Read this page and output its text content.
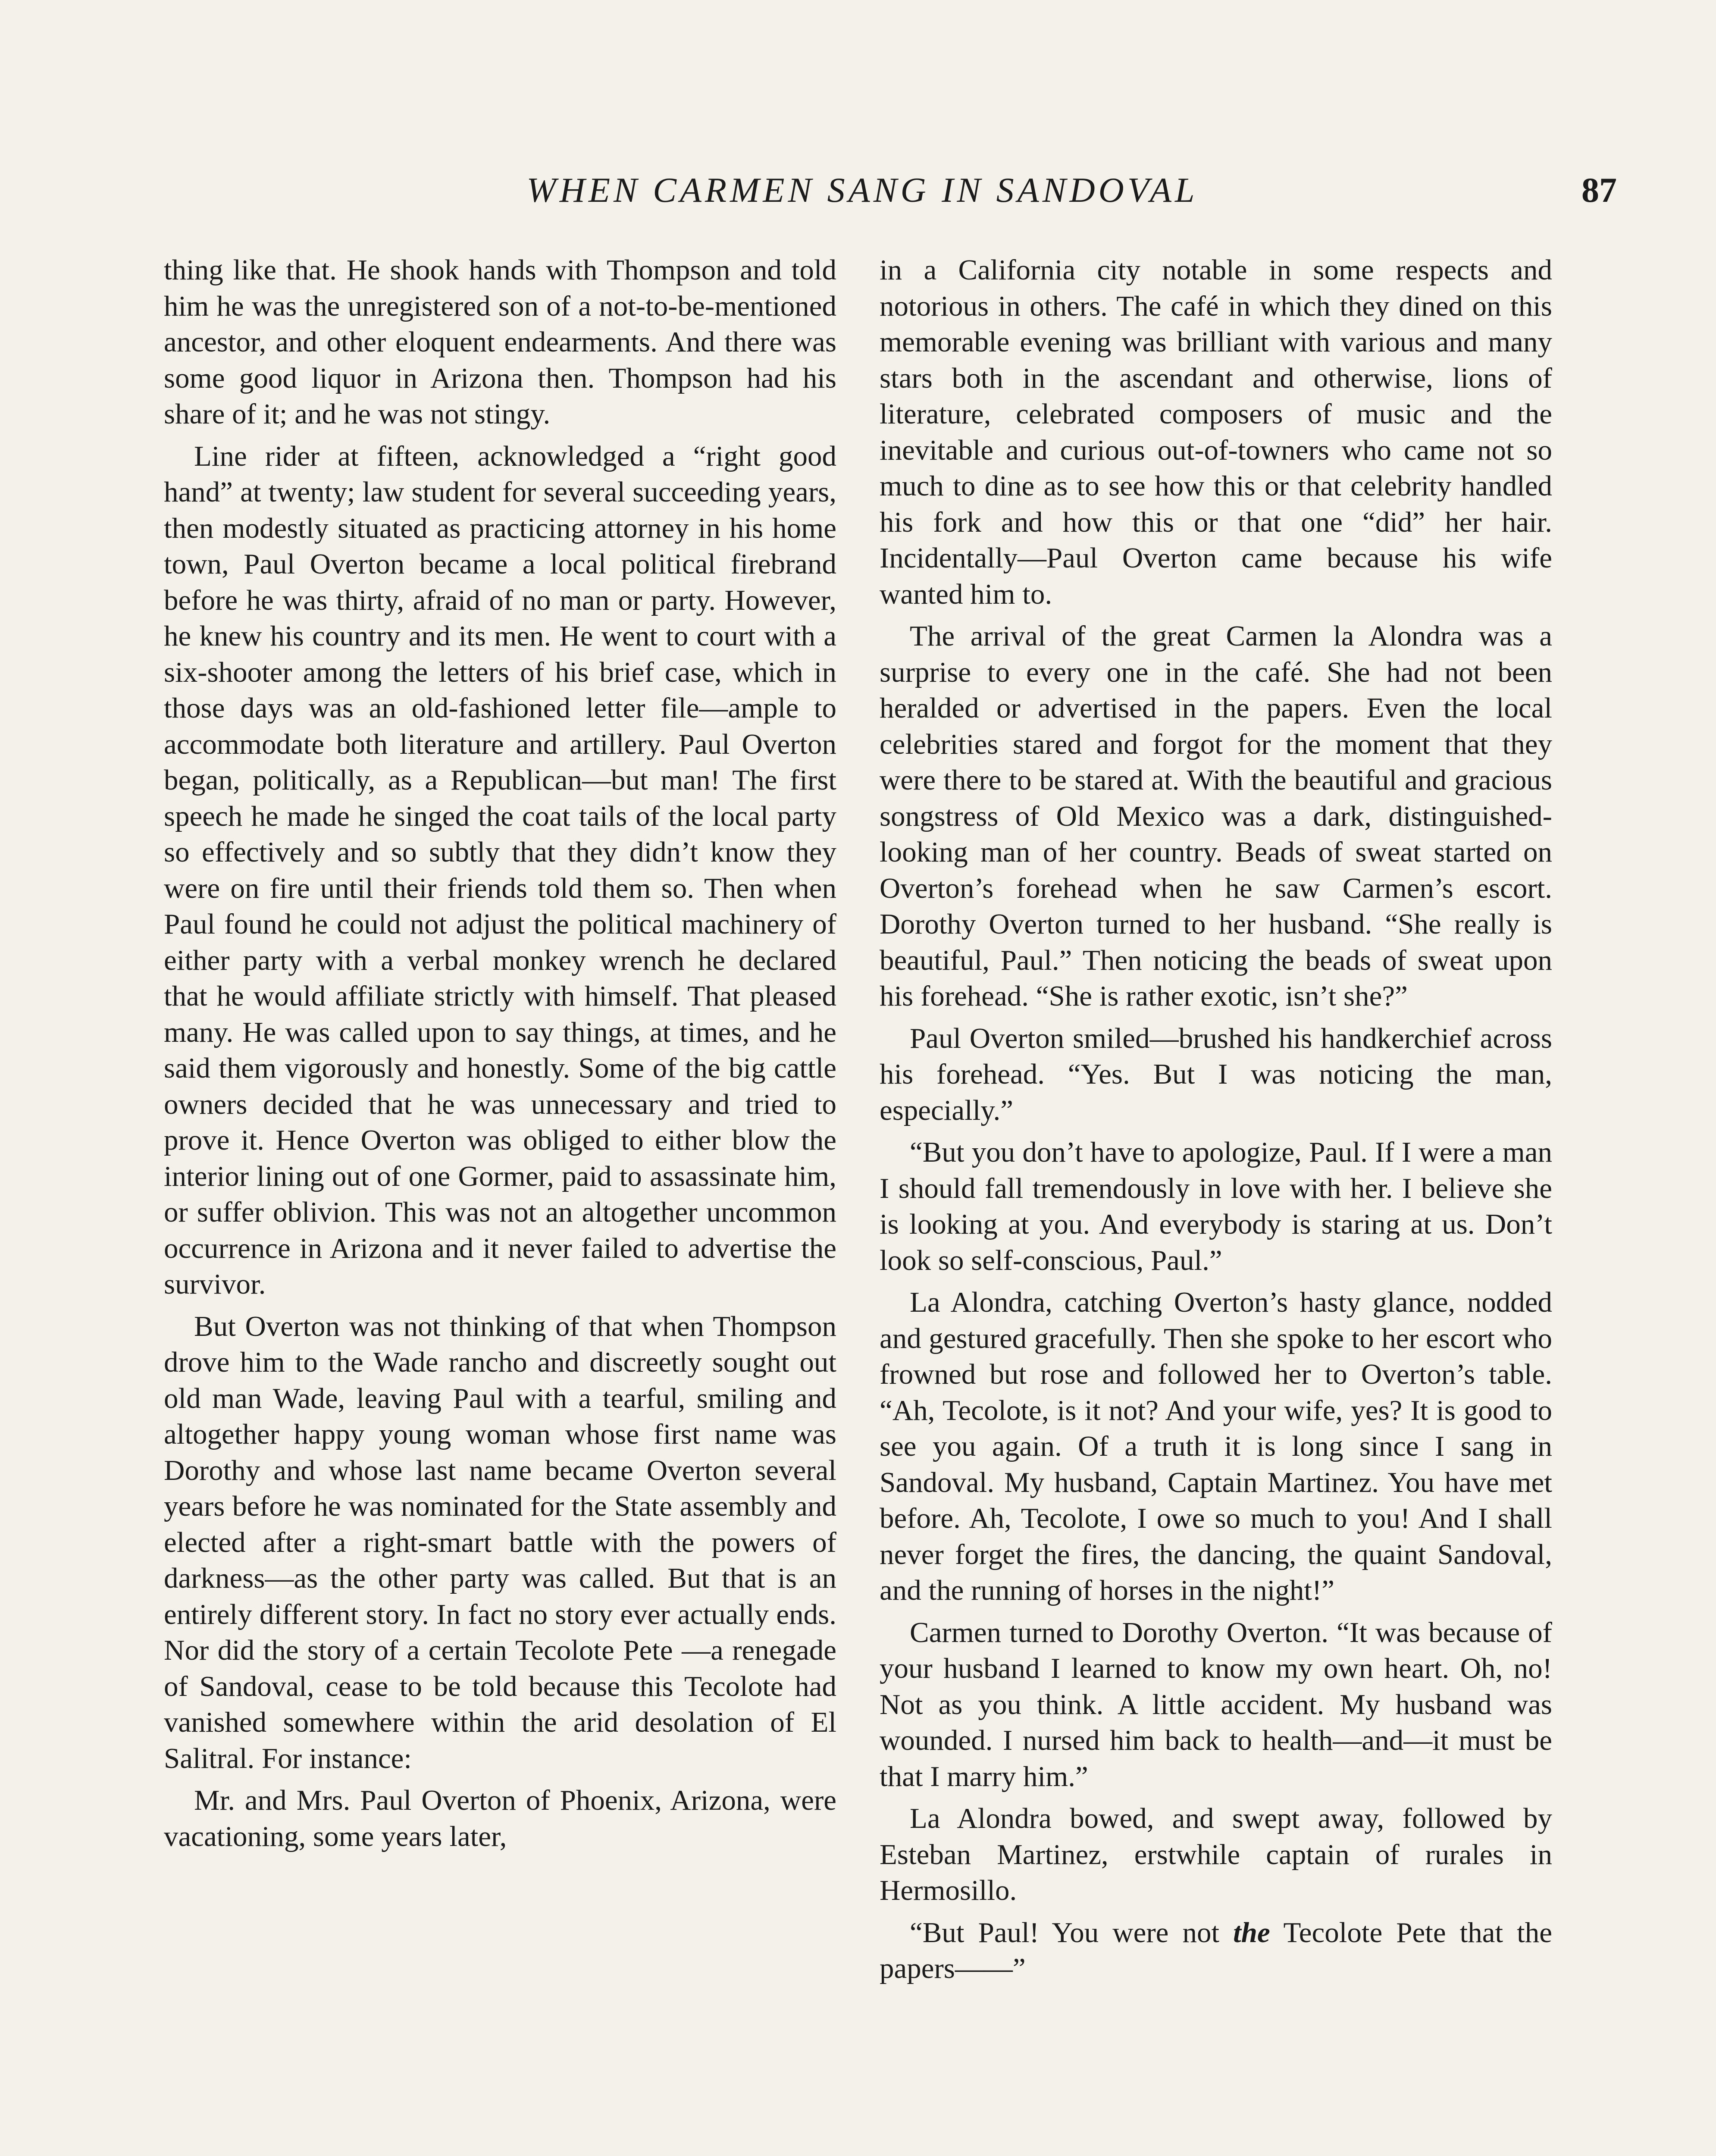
WHEN CARMEN SANG IN SANDOVAL	87

thing like that. He shook hands with Thompson and told him he was the unregistered son of a not-to-be-mentioned ancestor, and other eloquent endearments. And there was some good liquor in Arizona then. Thompson had his share of it; and he was not stingy.

Line rider at fifteen, acknowledged a “right good hand” at twenty; law student for several succeeding years, then modestly situated as practicing attorney in his home town, Paul Overton became a local political firebrand before he was thirty, afraid of no man or party. However, he knew his country and its men. He went to court with a six-shooter among the letters of his brief case, which in those days was an old-fashioned letter file—ample to accommodate both literature and artillery. Paul Overton began, politically, as a Republican—but man! The first speech he made he singed the coat tails of the local party so effectively and so subtly that they didn’t know they were on fire until their friends told them so. Then when Paul found he could not adjust the political machinery of either party with a verbal monkey wrench he declared that he would affiliate strictly with himself. That pleased many. He was called upon to say things, at times, and he said them vigorously and honestly. Some of the big cattle owners decided that he was unnecessary and tried to prove it. Hence Overton was obliged to either blow the interior lining out of one Gormer, paid to assassinate him, or suffer oblivion. This was not an altogether uncommon occurrence in Arizona and it never failed to advertise the survivor.

But Overton was not thinking of that when Thompson drove him to the Wade rancho and discreetly sought out old man Wade, leaving Paul with a tearful, smiling and altogether happy young woman whose first name was Dorothy and whose last name became Overton several years before he was nominated for the State assembly and elected after a right-smart battle with the powers of darkness—as the other party was called. But that is an entirely different story. In fact no story ever actually ends. Nor did the story of a certain Tecolote Pete —a renegade of Sandoval, cease to be told because this Tecolote had vanished somewhere within the arid desolation of El Salitral. For instance:

Mr. and Mrs. Paul Overton of Phoenix, Arizona, were vacationing, some years later,

in a California city notable in some respects and notorious in others. The café in which they dined on this memorable evening was brilliant with various and many stars both in the ascendant and otherwise, lions of literature, celebrated composers of music and the inevitable and curious out-of-towners who came not so much to dine as to see how this or that celebrity handled his fork and how this or that one “did” her hair. Incidentally—Paul Overton came because his wife wanted him to.

The arrival of the great Carmen la Alondra was a surprise to every one in the café. She had not been heralded or advertised in the papers. Even the local celebrities stared and forgot for the moment that they were there to be stared at. With the beautiful and gracious songstress of Old Mexico was a dark, distinguished-looking man of her country. Beads of sweat started on Overton’s forehead when he saw Carmen’s escort. Dorothy Overton turned to her husband. “She really is beautiful, Paul.” Then noticing the beads of sweat upon his forehead. “She is rather exotic, isn’t she?”

Paul Overton smiled—brushed his handkerchief across his forehead. “Yes. But I was noticing the man, especially.”

“But you don’t have to apologize, Paul. If I were a man I should fall tremendously in love with her. I believe she is looking at you. And everybody is staring at us. Don’t look so self-conscious, Paul.”

La Alondra, catching Overton’s hasty glance, nodded and gestured gracefully. Then she spoke to her escort who frowned but rose and followed her to Overton’s table. “Ah, Tecolote, is it not? And your wife, yes? It is good to see you again. Of a truth it is long since I sang in Sandoval. My husband, Captain Martinez. You have met before. Ah, Tecolote, I owe so much to you! And I shall never forget the fires, the dancing, the quaint Sandoval, and the running of horses in the night!”

Carmen turned to Dorothy Overton. “It was because of your husband I learned to know my own heart. Oh, no! Not as you think. A little accident. My husband was wounded. I nursed him back to health—and—it must be that I marry him.”

La Alondra bowed, and swept away, followed by Esteban Martinez, erstwhile captain of rurales in Hermosillo.

“But Paul! You were not the Tecolote Pete that the papers——”
